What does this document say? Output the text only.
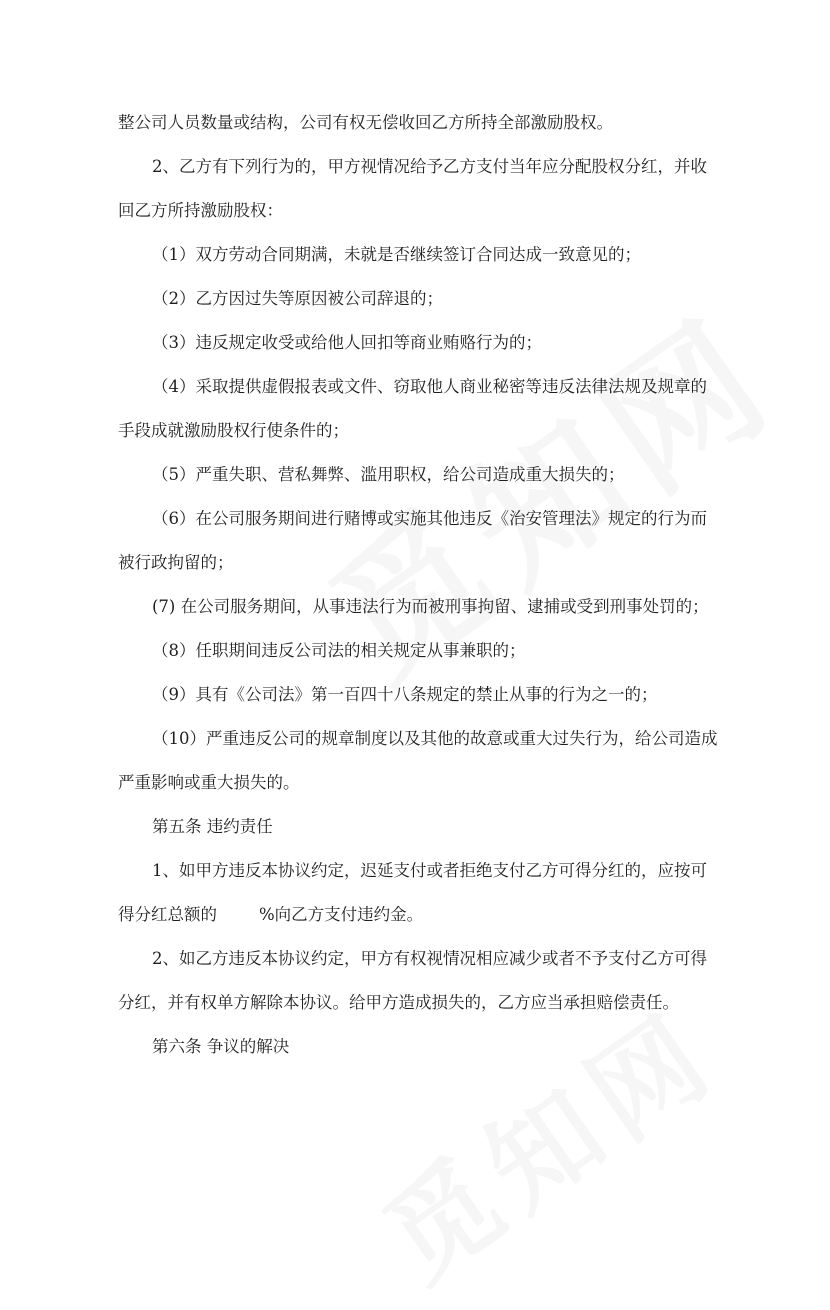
整公司人员数量或结构，公司有权无偿收回乙方所持全部激励股权。
2、乙方有下列行为的，甲方视情况给予乙方支付当年应分配股权分红，并收
回乙方所持激励股权：
（1）双方劳动合同期满，未就是否继续签订合同达成一致意见的；
（2）乙方因过失等原因被公司辞退的；
（3）违反规定收受或给他人回扣等商业贿赂行为的；
（4）采取提供虚假报表或文件、窃取他人商业秘密等违反法律法规及规章的
手段成就激励股权行使条件的；
（5）严重失职、营私舞弊、滥用职权，给公司造成重大损失的；
（6）在公司服务期间进行赌博或实施其他违反《治安管理法》规定的行为而
被行政拘留的；
(7) 在公司服务期间，从事违法行为而被刑事拘留、逮捕或受到刑事处罚的；
（8）任职期间违反公司法的相关规定从事兼职的；
（9）具有《公司法》第一百四十八条规定的禁止从事的行为之一的；
（10）严重违反公司的规章制度以及其他的故意或重大过失行为，给公司造成
严重影响或重大损失的。
第五条 违约责任
1、如甲方违反本协议约定，迟延支付或者拒绝支付乙方可得分红的，应按可
得分红总额的	%向乙方支付违约金。
2、如乙方违反本协议约定，甲方有权视情况相应减少或者不予支付乙方可得
分红，并有权单方解除本协议。给甲方造成损失的，乙方应当承担赔偿责任。
第六条 争议的解决
